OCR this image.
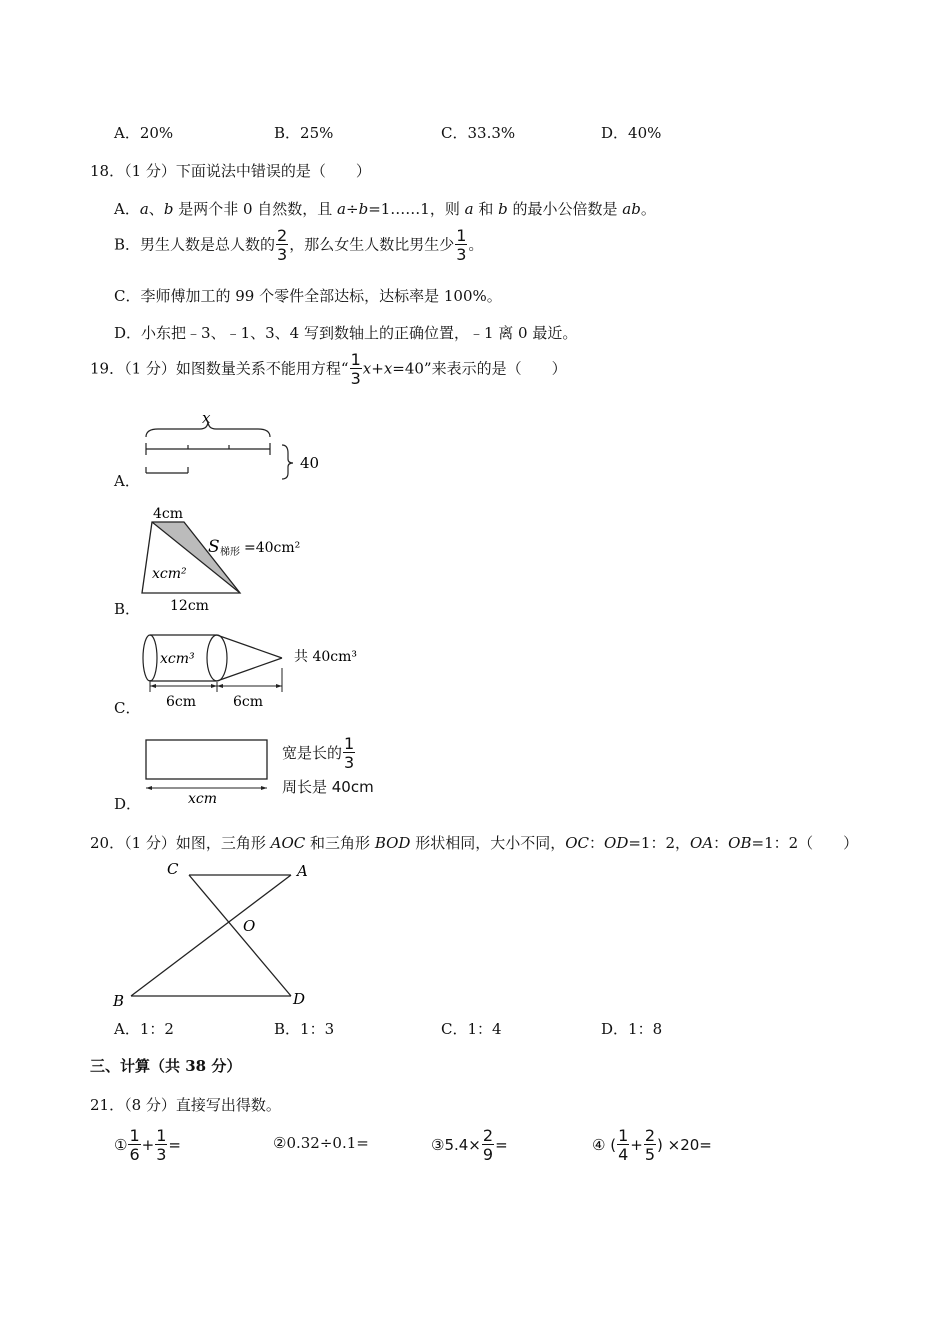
A．20%	B．25%	C．33.3%	D．40%
18．（1 分）下面说法中错误的是（　　）
A．a、b 是两个非 0 自然数，且 a÷b=1……1，则 a 和 b 的最小公倍数是 ab。
B．男生人数是总人数的 $\frac{2}{3}$ ，那么女生人数比男生少 $\frac{1}{3}$ 。
C．李师傅加工的 99 个零件全部达标，达标率是 100%。
D．小东把﹣3、﹣1、3、4 写到数轴上的正确位置，﹣1 离 0 最近。
19．（1 分）如图数量关系不能用方程“ $\frac{1}{3} x+x=40$”来表示的是（　　）
A．
x
40
B．
4cm
xcm²
12cm
S 梯形 =40cm²
C．
xcm³	共 40cm³
6cm	6cm
D．	xcm
宽是长的 $\frac{1}{3}$
周长是 40cm
20．（1 分）如图，三角形 AOC 和三角形 BOD 形状相同，大小不同，OC：OD=1：2，OA：OB=1：2（　　）
C	A
O
B	D
A．1：2	B．1：3	C．1：4	D．1：8
三、计算（共 38 分）
21．（8 分）直接写出得数。
① $\frac{1}{6} + \frac{1}{3}$ =	②0.32÷0.1=	③5.4× $\frac{2}{9}$ =	④ ( $\frac{1}{4} + \frac{2}{5}$ ) ×20=
